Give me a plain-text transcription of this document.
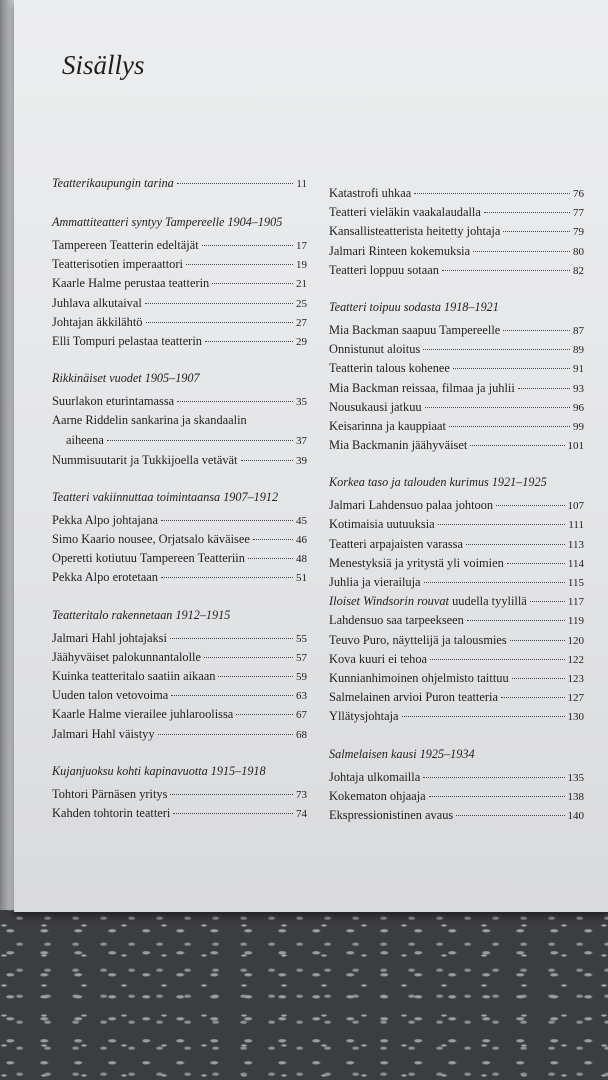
Sisällys
Teatterikaupungin tarina	11
Ammattiteatteri syntyy Tampereelle 1904–1905
Tampereen Teatterin edeltäjät	17
Teatterisotien imperaattori	19
Kaarle Halme perustaa teatterin	21
Juhlava alkutaival	25
Johtajan äkkilähtö	27
Elli Tompuri pelastaa teatterin	29
Rikkinäiset vuodet 1905–1907
Suurlakon eturintamassa	35
Aarne Riddelin sankarina ja skandaalin
aiheena	37
Nummisuutarit ja Tukkijoella vetävät	39
Teatteri vakiinnuttaa toimintaansa 1907–1912
Pekka Alpo johtajana	45
Simo Kaario nousee, Orjatsalo käväisee	46
Operetti kotiutuu Tampereen Teatteriin	48
Pekka Alpo erotetaan	51
Teatteritalo rakennetaan 1912–1915
Jalmari Hahl johtajaksi	55
Jäähyväiset palokunnantalolle	57
Kuinka teatteritalo saatiin aikaan	59
Uuden talon vetovoima	63
Kaarle Halme vierailee juhlaroolissa	67
Jalmari Hahl väistyy	68
Kujanjuoksu kohti kapinavuotta 1915–1918
Tohtori Pärnäsen yritys	73
Kahden tohtorin teatteri	74
Katastrofi uhkaa	76
Teatteri vieläkin vaakalaudalla	77
Kansallisteatterista heitetty johtaja	79
Jalmari Rinteen kokemuksia	80
Teatteri loppuu sotaan	82
Teatteri toipuu sodasta 1918–1921
Mia Backman saapuu Tampereelle	87
Onnistunut aloitus	89
Teatterin talous kohenee	91
Mia Backman reissaa, filmaa ja juhlii	93
Nousukausi jatkuu	96
Keisarinna ja kauppiaat	99
Mia Backmanin jäähyväiset	101
Korkea taso ja talouden kurimus 1921–1925
Jalmari Lahdensuo palaa johtoon	107
Kotimaisia uutuuksia	111
Teatteri arpajaisten varassa	113
Menestyksiä ja yritystä yli voimien	114
Juhlia ja vierailuja	115
Iloiset Windsorin rouvat uudella tyylillä	117
Lahdensuo saa tarpeekseen	119
Teuvo Puro, näyttelijä ja talousmies	120
Kova kuuri ei tehoa	122
Kunnianhimoinen ohjelmisto taittuu	123
Salmelainen arvioi Puron teatteria	127
Yllätysjohtaja	130
Salmelaisen kausi 1925–1934
Johtaja ulkomailla	135
Kokematon ohjaaja	138
Ekspressionistinen avaus	140
